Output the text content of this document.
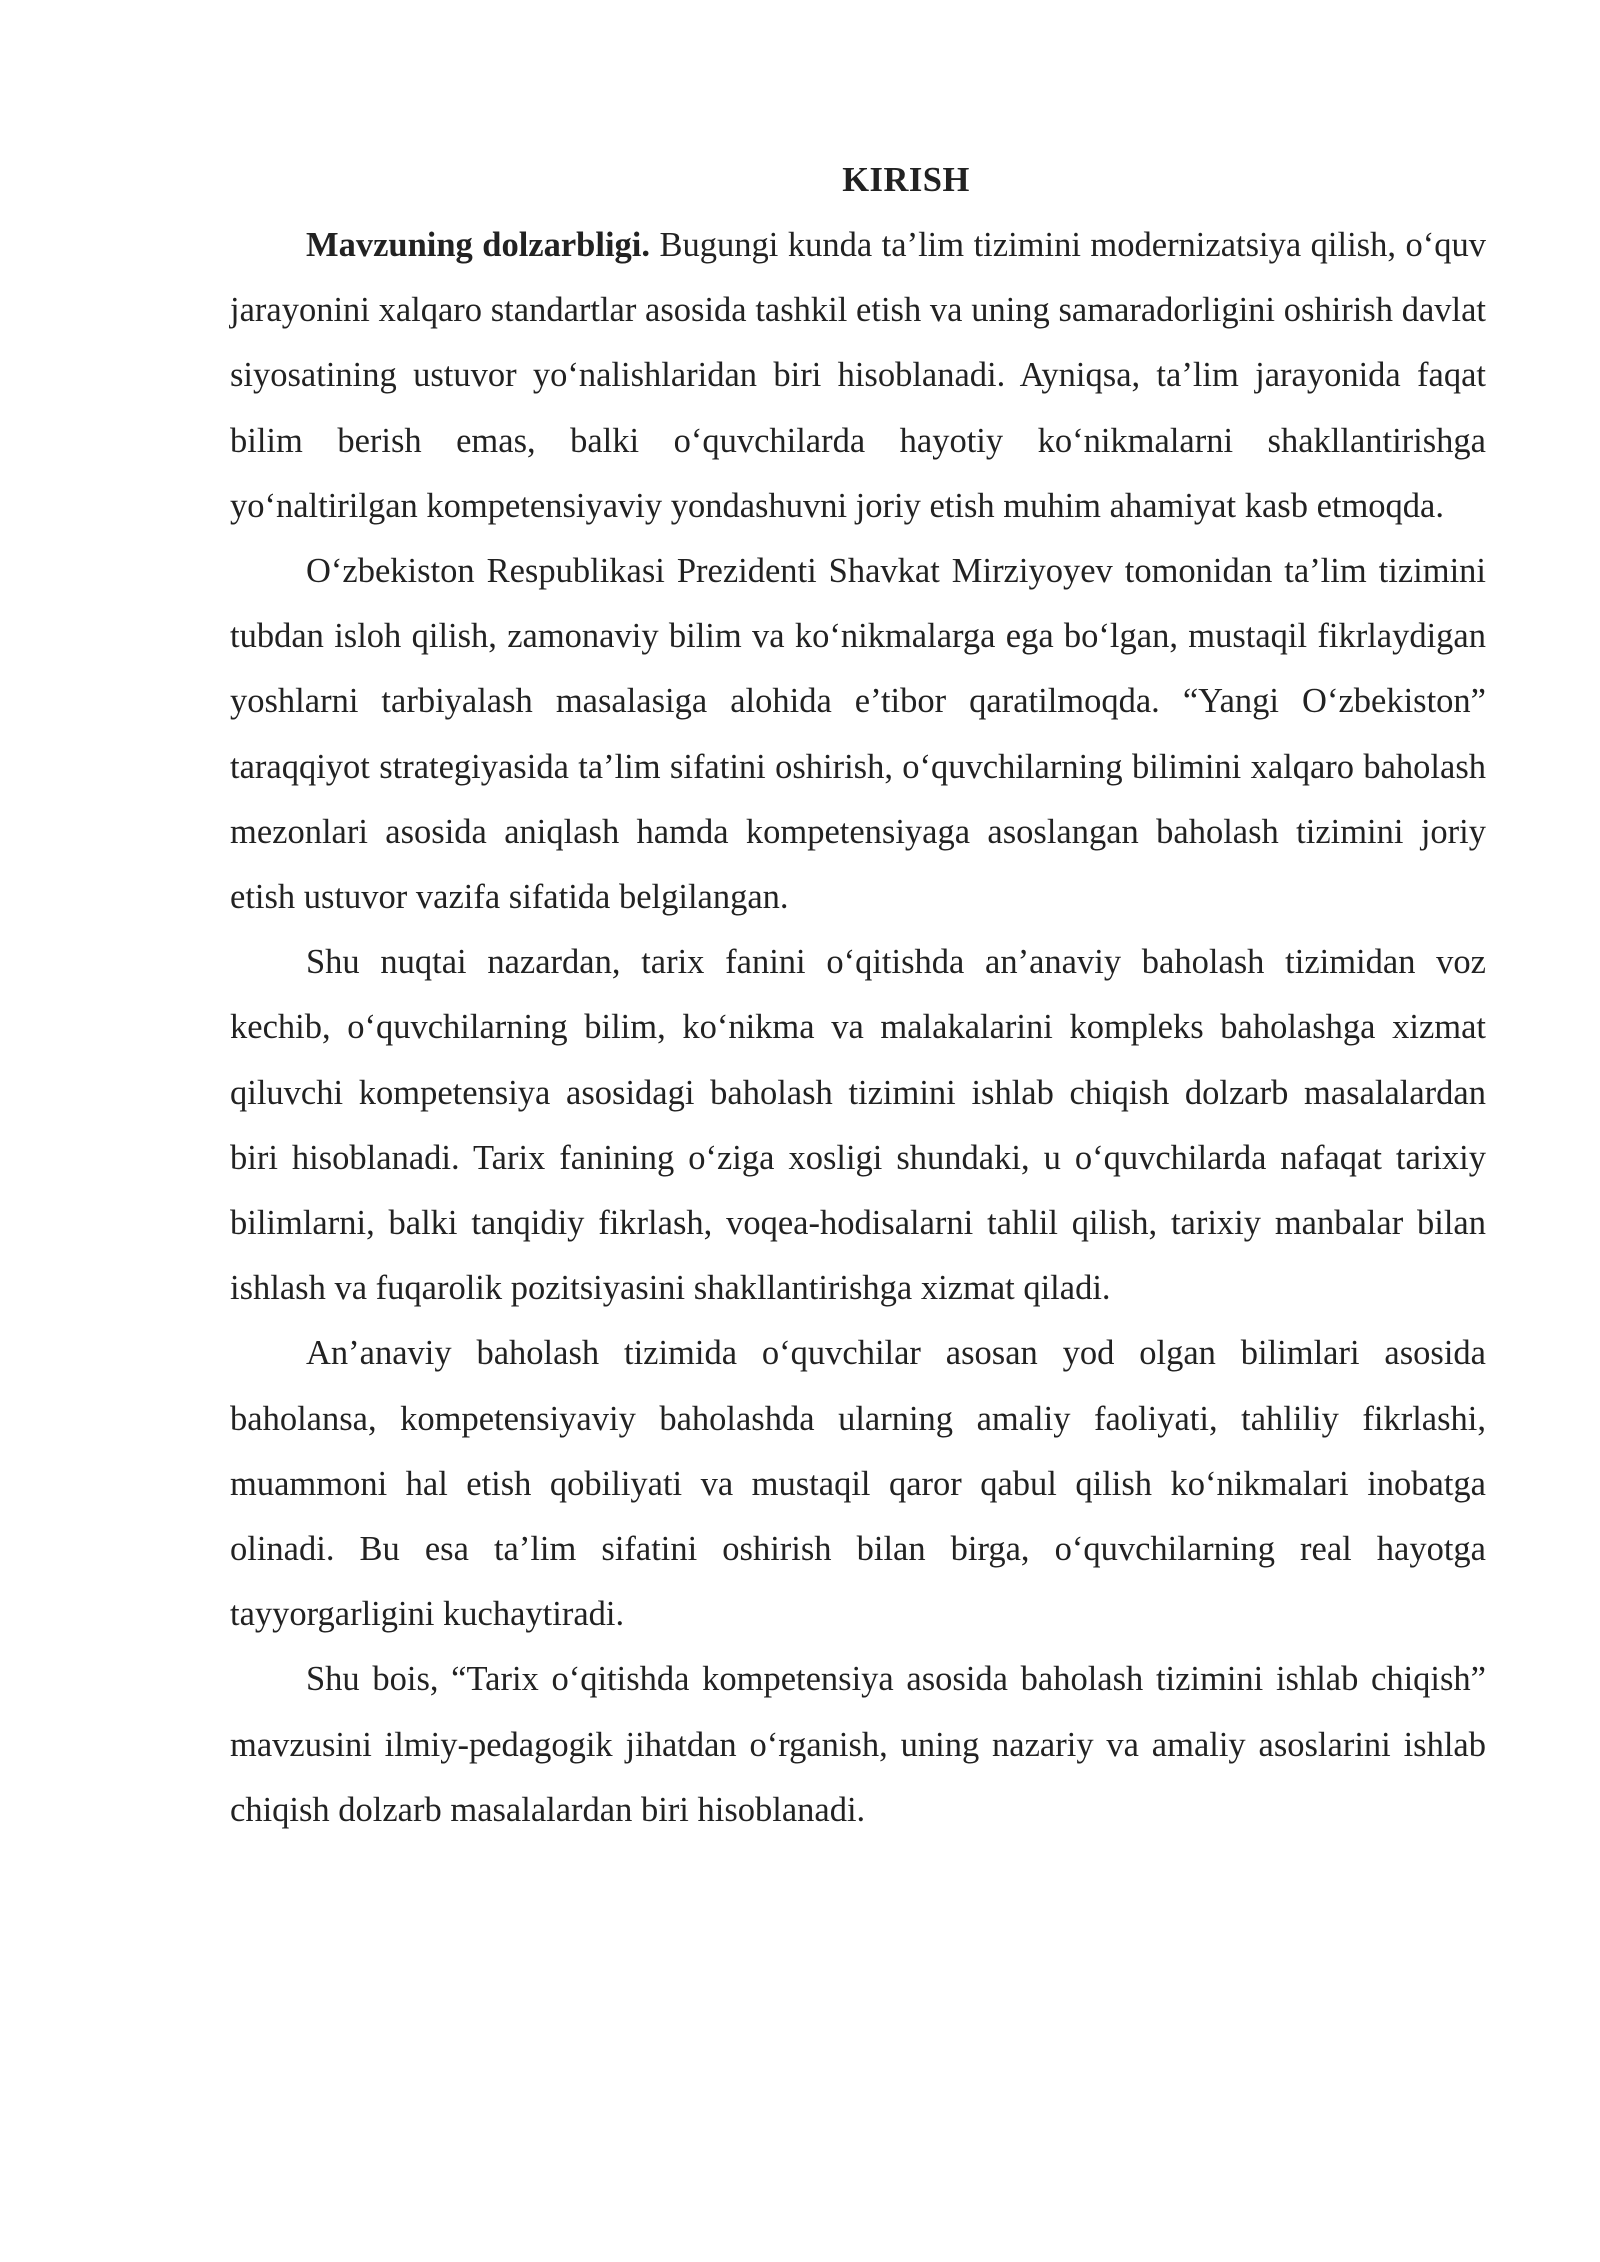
KIRISH

Mavzuning dolzarbligi. Bugungi kunda ta’lim tizimini modernizatsiya qilish, o‘quv jarayonini xalqaro standartlar asosida tashkil etish va uning samaradorligini oshirish davlat siyosatining ustuvor yo‘nalishlaridan biri hisoblanadi. Ayniqsa, ta’lim jarayonida faqat bilim berish emas, balki o‘quvchilarda hayotiy ko‘nikmalarni shakllantirishga yo‘naltirilgan kompetensiyaviy yondashuvni joriy etish muhim ahamiyat kasb etmoqda.

O‘zbekiston Respublikasi Prezidenti Shavkat Mirziyoyev tomonidan ta’lim tizimini tubdan isloh qilish, zamonaviy bilim va ko‘nikmalarga ega bo‘lgan, mustaqil fikrlaydigan yoshlarni tarbiyalash masalasiga alohida e’tibor qaratilmoqda. “Yangi O‘zbekiston” taraqqiyot strategiyasida ta’lim sifatini oshirish, o‘quvchilarning bilimini xalqaro baholash mezonlari asosida aniqlash hamda kompetensiyaga asoslangan baholash tizimini joriy etish ustuvor vazifa sifatida belgilangan.

Shu nuqtai nazardan, tarix fanini o‘qitishda an’anaviy baholash tizimidan voz kechib, o‘quvchilarning bilim, ko‘nikma va malakalarini kompleks baholashga xizmat qiluvchi kompetensiya asosidagi baholash tizimini ishlab chiqish dolzarb masalalardan biri hisoblanadi. Tarix fanining o‘ziga xosligi shundaki, u o‘quvchilarda nafaqat tarixiy bilimlarni, balki tanqidiy fikrlash, voqea-hodisalarni tahlil qilish, tarixiy manbalar bilan ishlash va fuqarolik pozitsiyasini shakllantirishga xizmat qiladi.

An’anaviy baholash tizimida o‘quvchilar asosan yod olgan bilimlari asosida baholansa, kompetensiyaviy baholashda ularning amaliy faoliyati, tahliliy fikrlashi, muammoni hal etish qobiliyati va mustaqil qaror qabul qilish ko‘nikmalari inobatga olinadi. Bu esa ta’lim sifatini oshirish bilan birga, o‘quvchilarning real hayotga tayyorgarligini kuchaytiradi.

Shu bois, “Tarix o‘qitishda kompetensiya asosida baholash tizimini ishlab chiqish” mavzusini ilmiy-pedagogik jihatdan o‘rganish, uning nazariy va amaliy asoslarini ishlab chiqish dolzarb masalalardan biri hisoblanadi.
